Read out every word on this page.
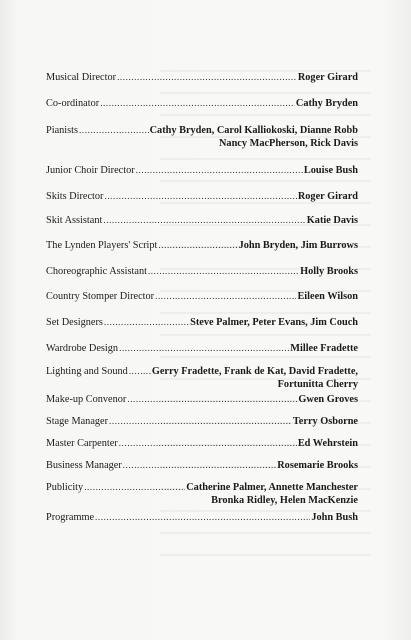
Musical Director .....	Roger Girard
Co-ordinator .....	Cathy Bryden
Pianists .....	Cathy Bryden, Carol Kalliokoski, Dianne Robb
Nancy MacPherson, Rick Davis
Junior Choir Director .....	Louise Bush
Skits Director .....	Roger Girard
Skit Assistant .....	Katie Davis
The Lynden Players' Script .....	John Bryden, Jim Burrows
Choreographic Assistant .....	Holly Brooks
Country Stomper Director .....	Eileen Wilson
Set Designers .....	Steve Palmer, Peter Evans, Jim Couch
Wardrobe Design .....	Millee Fradette
Lighting and Sound ..... Gerry Fradette, Frank de Kat, David Fradette,
Fortunitta Cherry
Make-up Convenor .....	Gwen Groves
Stage Manager .....	Terry Osborne
Master Carpenter .....	Ed Wehrstein
Business Manager .....	Rosemarie Brooks
Publicity .....	Catherine Palmer, Annette Manchester
Bronka Ridley, Helen MacKenzie
Programme .....	John Bush
